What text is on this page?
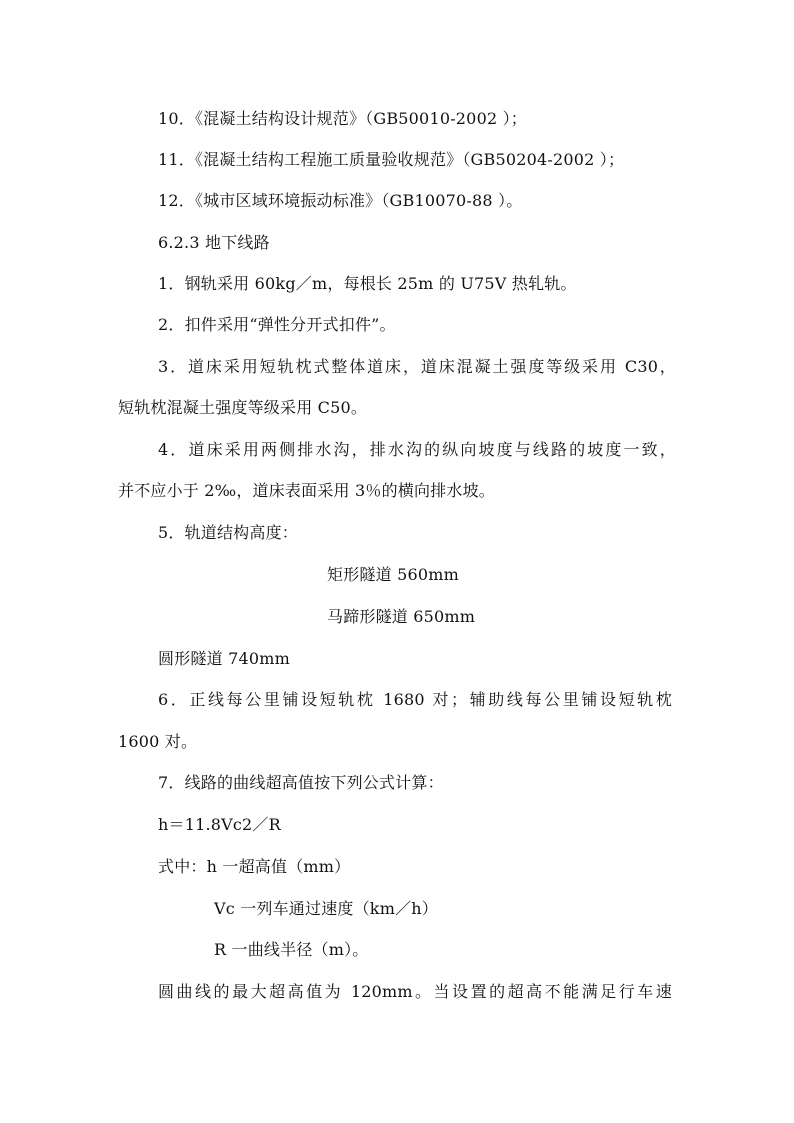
10．《混凝土结构设计规范》（GB50010-2002 ）；
11．《混凝土结构工程施工质量验收规范》（GB50204-2002 ）；
12．《城市区域环境振动标准》（GB10070-88 ）。
6.2.3 地下线路
1．钢轨采用 60kg／m，每根长 25m 的 U75V 热轧轨。
2．扣件采用“弹性分开式扣件”。
3．道床采用短轨枕式整体道床，道床混凝土强度等级采用 C30，
短轨枕混凝土强度等级采用 C50。
4．道床采用两侧排水沟，排水沟的纵向坡度与线路的坡度一致，
并不应小于 2‰，道床表面采用 3％的横向排水坡。
5．轨道结构高度：
矩形隧道 560mm
马蹄形隧道 650mm
圆形隧道 740mm
6．正线每公里铺设短轨枕 1680 对；辅助线每公里铺设短轨枕
1600 对。
7．线路的曲线超高值按下列公式计算：
h＝11.8Vc2／R
式中：h 一超高值（mm）
Vc 一列车通过速度（km／h）
R 一曲线半径（m）。
圆曲线的最大超高值为 120mm。当设置的超高不能满足行车速
